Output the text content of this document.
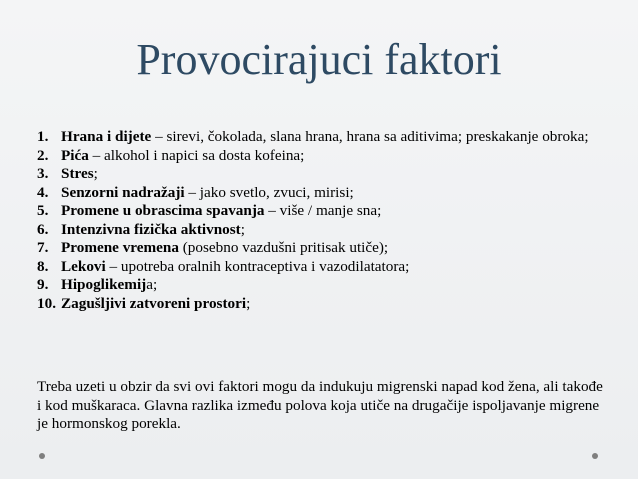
Provocirajuci faktori
1. Hrana i dijete – sirevi, čokolada, slana hrana, hrana sa aditivima; preskakanje obroka;
2. Pića – alkohol i napici sa dosta kofeina;
3. Stres;
4. Senzorni nadražaji – jako svetlo, zvuci, mirisi;
5. Promene u obrascima spavanja – više / manje sna;
6. Intenzivna fizička aktivnost;
7. Promene vremena (posebno vazdušni pritisak utiče);
8. Lekovi – upotreba oralnih kontraceptiva i vazodilatatora;
9. Hipoglikemija;
10. Zagušljivi zatvoreni prostori;

Treba uzeti u obzir da svi ovi faktori mogu da indukuju migrenski napad kod žena, ali takođe i kod muškaraca. Glavna razlika između polova koja utiče na drugačije ispoljavanje migrene je hormonskog porekla.
